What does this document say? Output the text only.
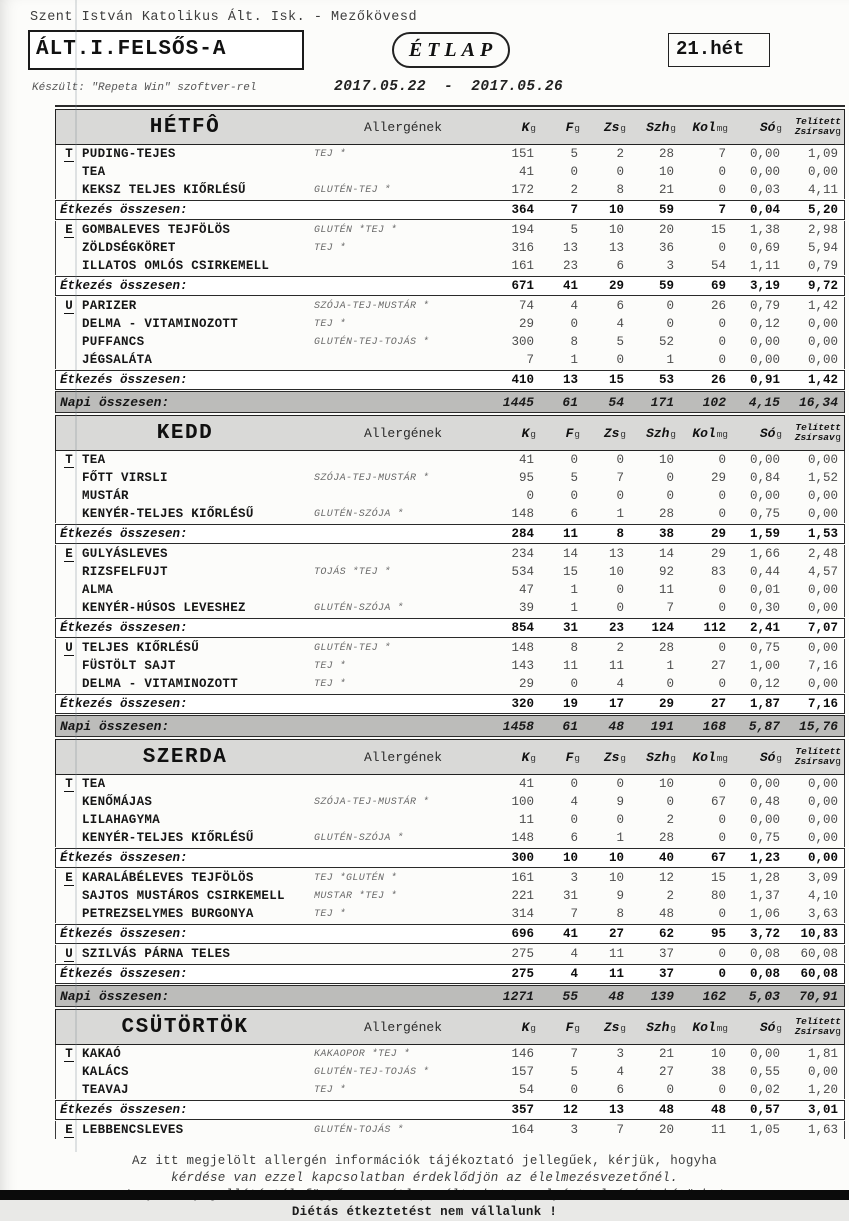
Szent István Katolikus Ált. Isk. - Mezőkövesd
ÁLT.I.FELSŐS-A	ÉTLAP	21.hét
Készült: "Repeta Win" szoftver-rel	2017.05.22 - 2017.05.26
HÉTFÔ	Allergének	K g	F g	Zs g	Szh g	Kol mg	Só g
Telített
Zsírsav g
T PUDING-TEJES	TEJ *	151	5	2	28	7	0,00	1,09
TEA	41	0	0	10	0	0,00	0,00
KEKSZ TELJES KIŐRLÉSŰ	GLUTÉN-TEJ *	172	2	8	21	0	0,03	4,11
Étkezés összesen:	364	7	10	59	7	0,04	5,20
E GOMBALEVES TEJFÖLÖS	GLUTÉN *TEJ *	194	5	10	20	15	1,38	2,98
ZÖLDSÉGKÖRET	TEJ *	316	13	13	36	0	0,69	5,94
ILLATOS OMLÓS CSIRKEMELL	161	23	6	3	54	1,11	0,79
Étkezés összesen:	671	41	29	59	69	3,19	9,72
U PARIZER	SZÓJA-TEJ-MUSTÁR *	74	4	6	0	26	0,79	1,42
DELMA - VITAMINOZOTT	TEJ *	29	0	4	0	0	0,12	0,00
PUFFANCS	GLUTÉN-TEJ-TOJÁS *	300	8	5	52	0	0,00	0,00
JÉGSALÁTA	7	1	0	1	0	0,00	0,00
Étkezés összesen:	410	13	15	53	26	0,91	1,42
Napi összesen:	1445	61	54	171	102	4,15	16,34
KEDD	Allergének	K g	F g	Zs g	Szh g	Kol mg	Só g
Telített
Zsírsav g
T TEA	41	0	0	10	0	0,00	0,00
FŐTT VIRSLI	SZÓJA-TEJ-MUSTÁR *	95	5	7	0	29	0,84	1,52
MUSTÁR	0	0	0	0	0	0,00	0,00
KENYÉR-TELJES KIŐRLÉSŰ	GLUTÉN-SZÓJA *	148	6	1	28	0	0,75	0,00
Étkezés összesen:	284	11	8	38	29	1,59	1,53
E GULYÁSLEVES	234	14	13	14	29	1,66	2,48
RIZSFELFUJT	TOJÁS *TEJ *	534	15	10	92	83	0,44	4,57
ALMA	47	1	0	11	0	0,01	0,00
KENYÉR-HÚSOS LEVESHEZ	GLUTÉN-SZÓJA *	39	1	0	7	0	0,30	0,00
Étkezés összesen:	854	31	23	124	112	2,41	7,07
U TELJES KIŐRLÉSŰ	GLUTÉN-TEJ *	148	8	2	28	0	0,75	0,00
FÜSTÖLT SAJT	TEJ *	143	11	11	1	27	1,00	7,16
DELMA - VITAMINOZOTT	TEJ *	29	0	4	0	0	0,12	0,00
Étkezés összesen:	320	19	17	29	27	1,87	7,16
Napi összesen:	1458	61	48	191	168	5,87	15,76
SZERDA	Allergének	K g	F g	Zs g	Szh g	Kol mg	Só g
Telített
Zsírsav g
T TEA	41	0	0	10	0	0,00	0,00
KENŐMÁJAS	SZÓJA-TEJ-MUSTÁR *	100	4	9	0	67	0,48	0,00
LILAHAGYMA	11	0	0	2	0	0,00	0,00
KENYÉR-TELJES KIŐRLÉSŰ	GLUTÉN-SZÓJA *	148	6	1	28	0	0,75	0,00
Étkezés összesen:	300	10	10	40	67	1,23	0,00
E KARALÁBÉLEVES TEJFÖLÖS	TEJ *GLUTÉN *	161	3	10	12	15	1,28	3,09
SAJTOS MUSTÁROS CSIRKEMELL	MUSTAR *TEJ *	221	31	9	2	80	1,37	4,10
PETREZSELYMES BURGONYA	TEJ *	314	7	8	48	0	1,06	3,63
Étkezés összesen:	696	41	27	62	95	3,72	10,83
U SZILVÁS PÁRNA TELES	275	4	11	37	0	0,08	60,08
Étkezés összesen:	275	4	11	37	0	0,08	60,08
Napi összesen:	1271	55	48	139	162	5,03	70,91
CSÜTÖRTÖK	Allergének	K g	F g	Zs g	Szh g	Kol mg	Só g
Telített
Zsírsav g
T KAKAÓ	KAKAOPOR *TEJ *	146	7	3	21	10	0,00	1,81
KALÁCS	GLUTÉN-TEJ-TOJÁS *	157	5	4	27	38	0,55	0,00
TEAVAJ	TEJ *	54	0	6	0	0	0,02	1,20
Étkezés összesen:	357	12	13	48	48	0,57	3,01
E LEBBENCSLEVES	GLUTÉN-TOJÁS *	164	3	7	20	11	1,05	1,63
Az itt megjelölt allergén információk tájékoztató jellegűek, kérjük, hogyha
kérdése van ezzel kapcsolatban érdeklődjön az élelmezésvezetőnél.
Diétás étkeztetést nem vállalunk !
